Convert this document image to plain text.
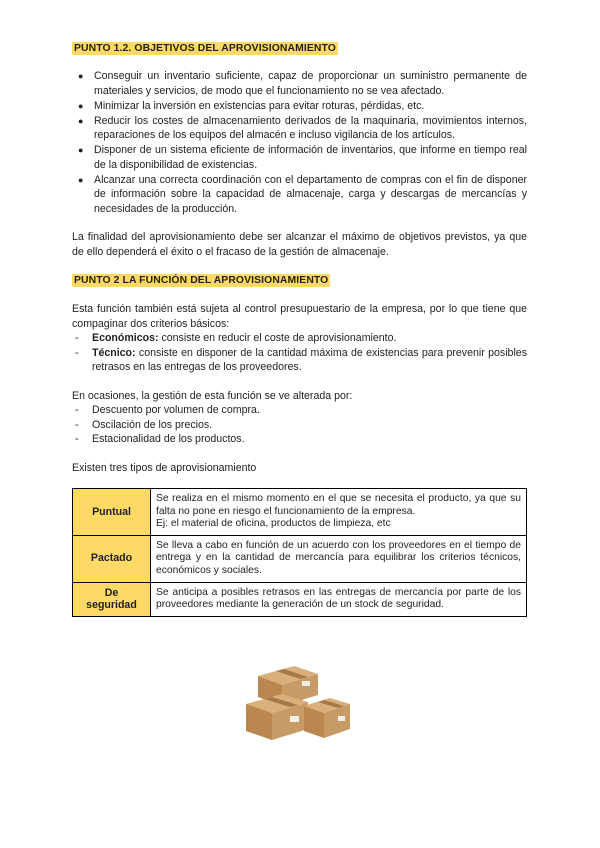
PUNTO 1.2. OBJETIVOS DEL APROVISIONAMIENTO
● Conseguir un inventario suficiente, capaz de proporcionar un suministro permanente de materiales y servicios, de modo que el funcionamiento no se vea afectado.
● Minimizar la inversión en existencias para evitar roturas, pérdidas, etc.
● Reducir los costes de almacenamiento derivados de la maquinaria, movimientos internos, reparaciones de los equipos del almacén e incluso vigilancia de los artículos.
● Disponer de un sistema eficiente de información de inventarios, que informe en tiempo real de la disponibilidad de existencias.
● Alcanzar una correcta coordinación con el departamento de compras con el fin de disponer de información sobre la capacidad de almacenaje, carga y descargas de mercancías y necesidades de la producción.

La finalidad del aprovisionamiento debe ser alcanzar el máximo de objetivos previstos, ya que de ello dependerá el éxito o el fracaso de la gestión de almacenaje.

PUNTO 2 LA FUNCIÓN DEL APROVISIONAMIENTO

Esta función también está sujeta al control presupuestario de la empresa, por lo que tiene que compaginar dos criterios básicos:

- Económicos: consiste en reducir el coste de aprovisionamiento.
- Técnico: consiste en disponer de la cantidad máxima de existencias para prevenir posibles retrasos en las entregas de los proveedores.

En ocasiones, la gestión de esta función se ve alterada por:

- Descuento por volumen de compra.
- Oscilación de los precios.
- Estacionalidad de los productos.

Existen tres tipos de aprovisionamiento

Puntual	Se realiza en el mismo momento en el que se necesita el producto, ya que su falta no pone en riesgo el funcionamiento de la empresa.
Ej: el material de oficina, productos de limpieza, etc
Pactado	Se lleva a cabo en función de un acuerdo con los proveedores en el tiempo de entrega y en la cantidad de mercancía para equilibrar los criterios técnicos, económicos y sociales.
De seguridad	Se anticipa a posibles retrasos en las entregas de mercancía por parte de los proveedores mediante la generación de un stock de seguridad.
